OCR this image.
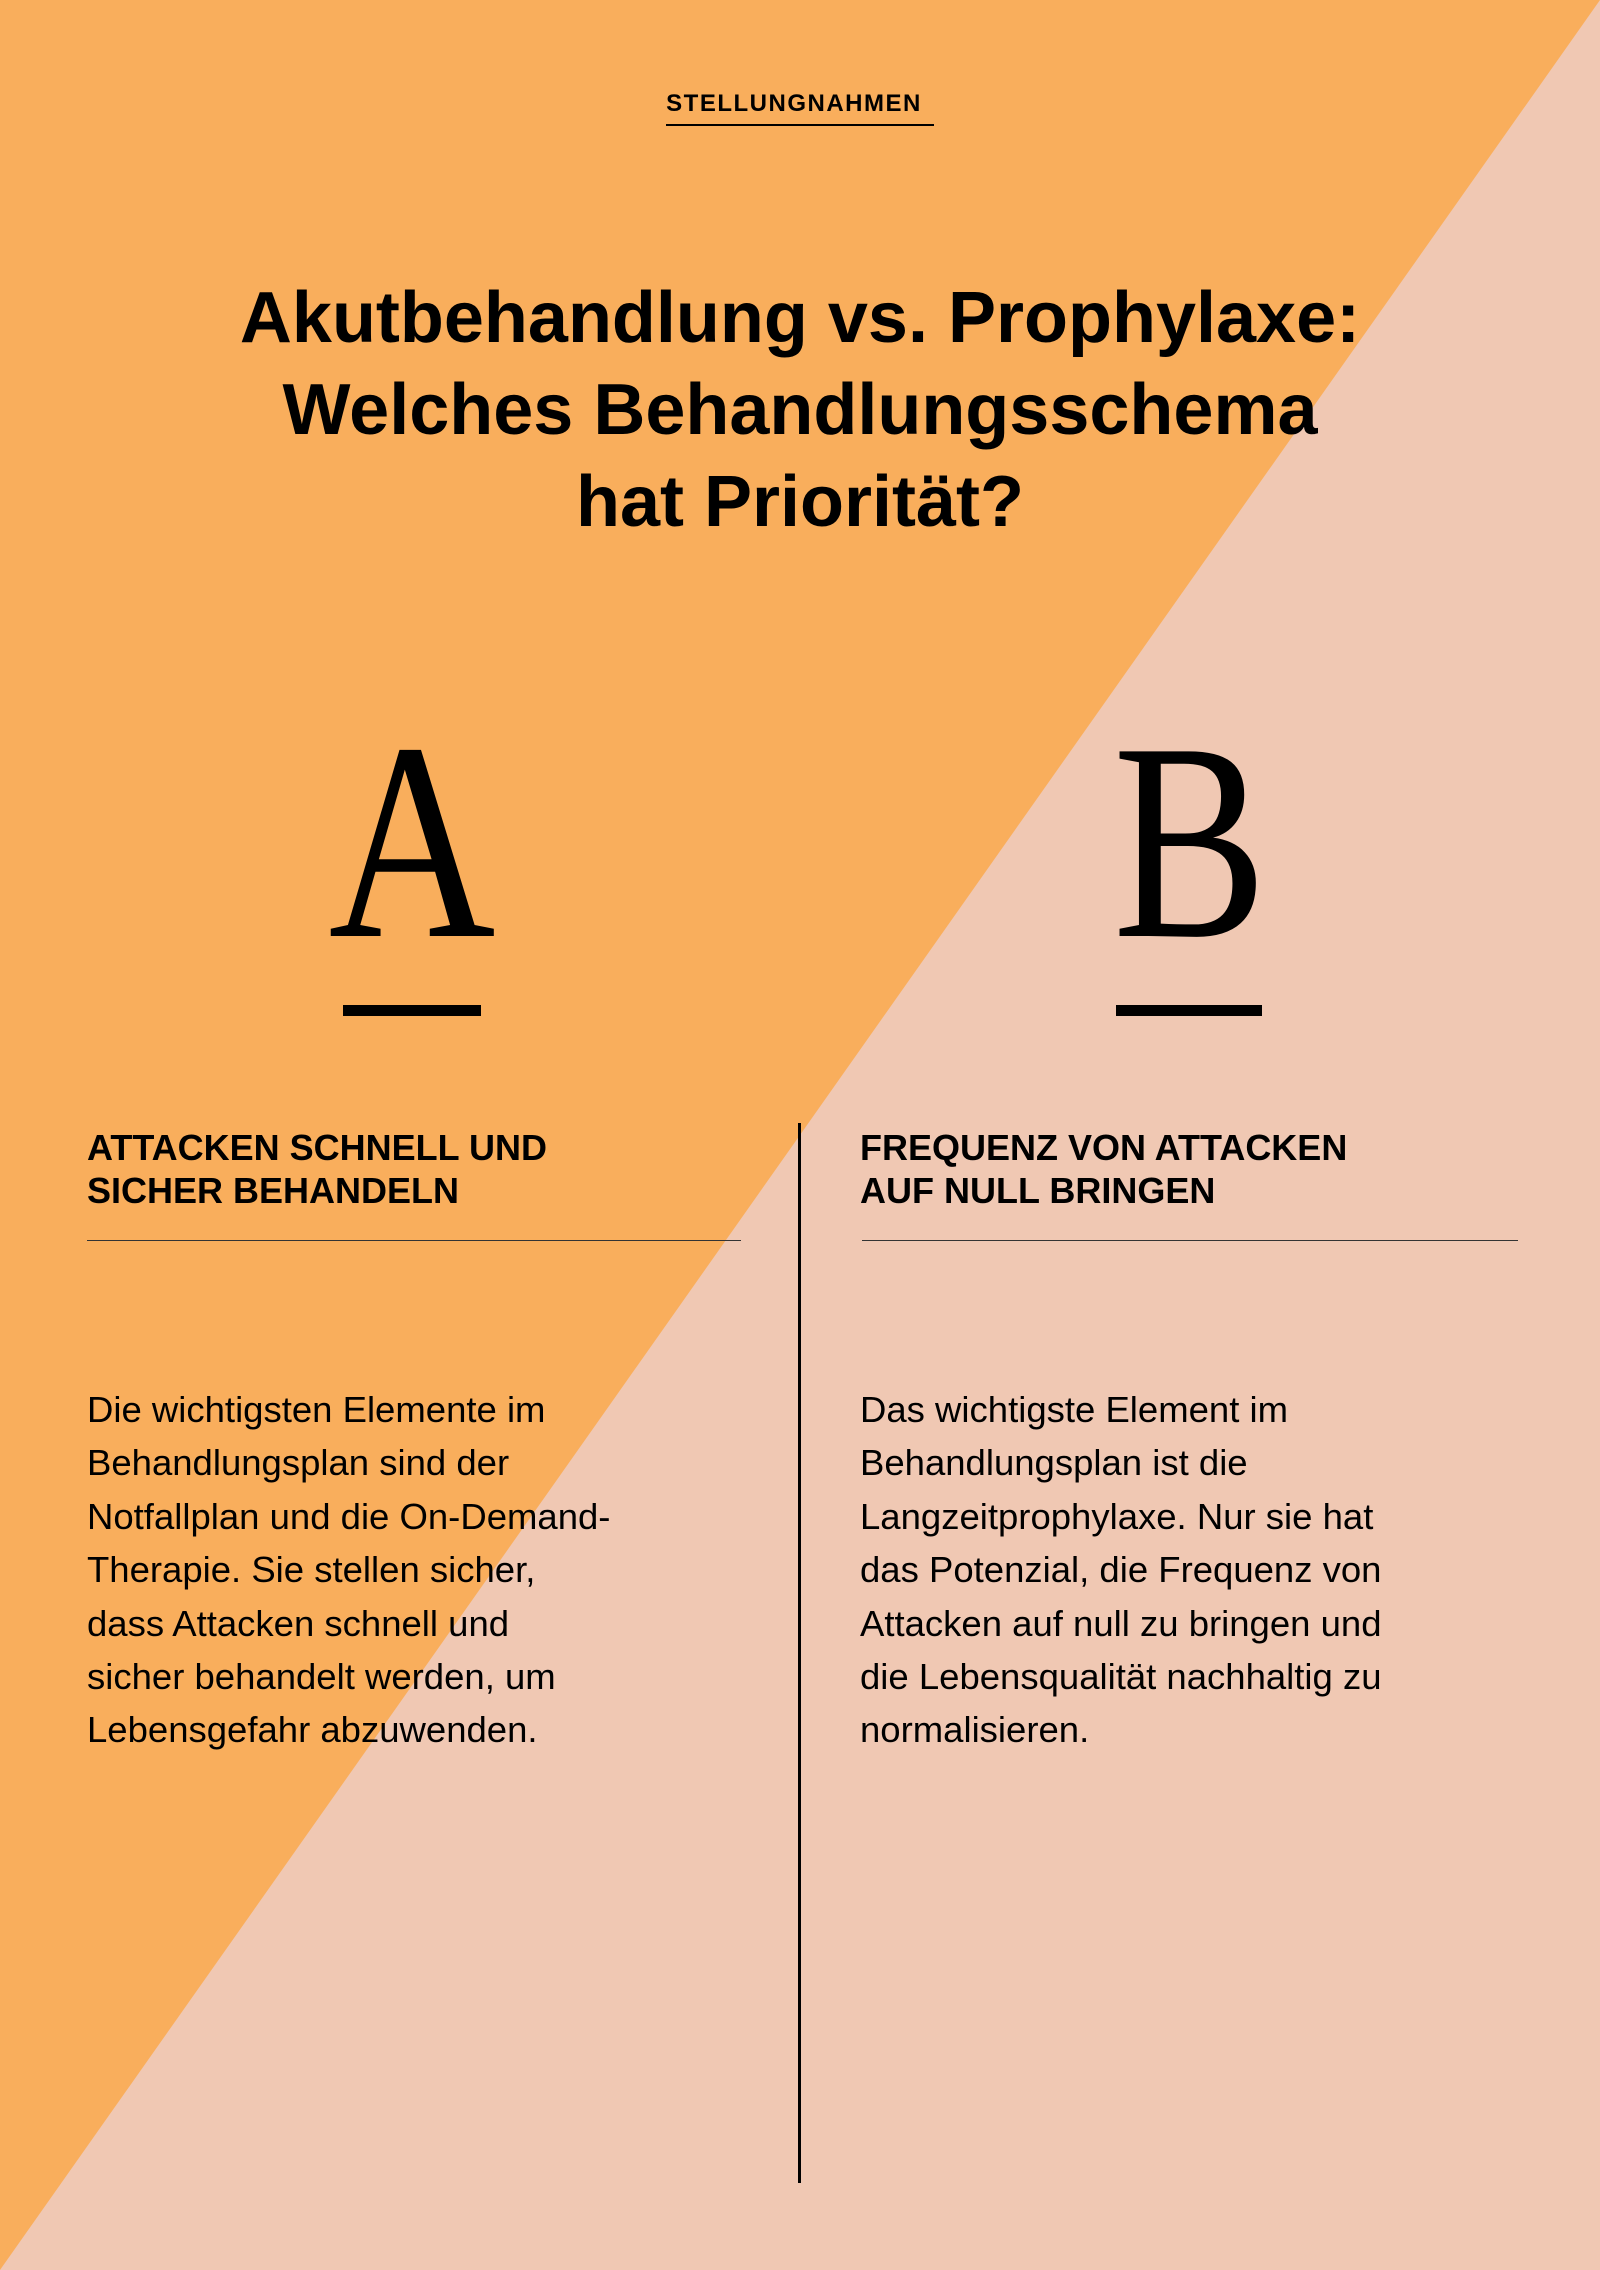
STELLUNGNAHMEN
Akutbehandlung vs. Prophylaxe:
Welches Behandlungsschema
hat Priorität?
A
ATTACKEN SCHNELL UND
SICHER BEHANDELN

Die wichtigsten Elemente im
Behandlungsplan sind der
Notfallplan und die On-Demand-
Therapie. Sie stellen sicher,
dass Attacken schnell und
sicher behandelt werden, um
Lebensgefahr abzuwenden.

B
FREQUENZ VON ATTACKEN
AUF NULL BRINGEN

Das wichtigste Element im
Behandlungsplan ist die
Langzeitprophylaxe. Nur sie hat
das Potenzial, die Frequenz von
Attacken auf null zu bringen und
die Lebensqualität nachhaltig zu
normalisieren.
